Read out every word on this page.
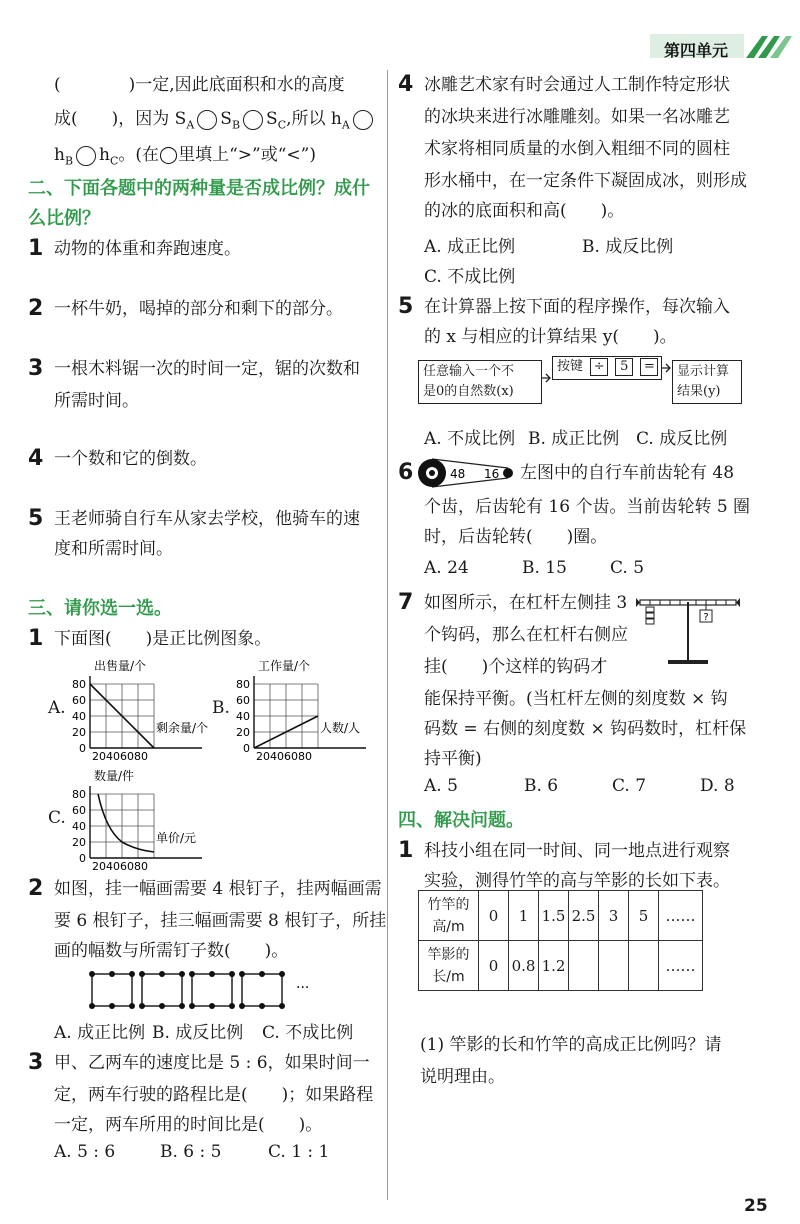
第四单元
(　　　　)一定,因此底面积和水的高度
成(　　)，因为 $S_A$ $S_B$ $S_C$,所以 $h_A$
$h_B$ $h_C$。(在◯里填上“>”或“<”)
二、下面各题中的两种量是否成比例？成什
么比例？
1 动物的体重和奔跑速度。
2 一杯牛奶，喝掉的部分和剩下的部分。
3 一根木料锯一次的时间一定，锯的次数和
所需时间。
4 一个数和它的倒数。
5 王老师骑自行车从家去学校，他骑车的速
度和所需时间。
三、请你选一选。
1 下面图(　　)是正比例图象。
A.
出售量/个
80
60
40
20
0
20406080
剩余量/个
B.
工作量/个
80
60
40
20
0
20406080
人数/人
C.
数量/件
80
60
40
20
0
20406080
单价/元
2 如图，挂一幅画需要 4 根钉子，挂两幅画需
要 6 根钉子，挂三幅画需要 8 根钉子，所挂
画的幅数与所需钉子数(　　)。
···
A. 成正比例 B. 成反比例 C. 不成比例
3 甲、乙两车的速度比是 5 : 6，如果时间一
定，两车行驶的路程比是(　　)；如果路程
一定，两车所用的时间比是(　　)。
A. 5 : 6	B. 6 : 5	C. 1 : 1
4 冰雕艺术家有时会通过人工制作特定形状
的冰块来进行冰雕雕刻。如果一名冰雕艺
术家将相同质量的水倒入粗细不同的圆柱
形水桶中，在一定条件下凝固成冰，则形成
的冰的底面积和高(　　)。
A. 成正比例	B. 成反比例
C. 不成比例
5 在计算器上按下面的程序操作，每次输入
的 x 与相应的计算结果 y(　　)。
任意输入一个不
是0的自然数(x)
按键 ÷ 5 =	显示计算
结果(y)
A. 不成比例 B. 成正比例 C. 成反比例
6	48 16 左图中的自行车前齿轮有 48
个齿，后齿轮有 16 个齿。当前齿轮转 5 圈
时，后齿轮转(　　)圈。
A. 24	B. 15	C. 5
7 如图所示，在杠杆左侧挂 3
个钩码，那么在杠杆右侧应
挂(　　)个这样的钩码才
?
能保持平衡。(当杠杆左侧的刻度数 × 钩
码数 = 右侧的刻度数 × 钩码数时，杠杆保
持平衡)
A. 5	B. 6	C. 7	D. 8
四、解决问题。
1 科技小组在同一时间、同一地点进行观察
实验，测得竹竿的高与竿影的长如下表。
竹竿的
高/m	0	1	1.5	2.5	3	5	……

竿影的
长/m	0	0.8	1.2				……
(1) 竿影的长和竹竿的高成正比例吗？请
说明理由。
25
